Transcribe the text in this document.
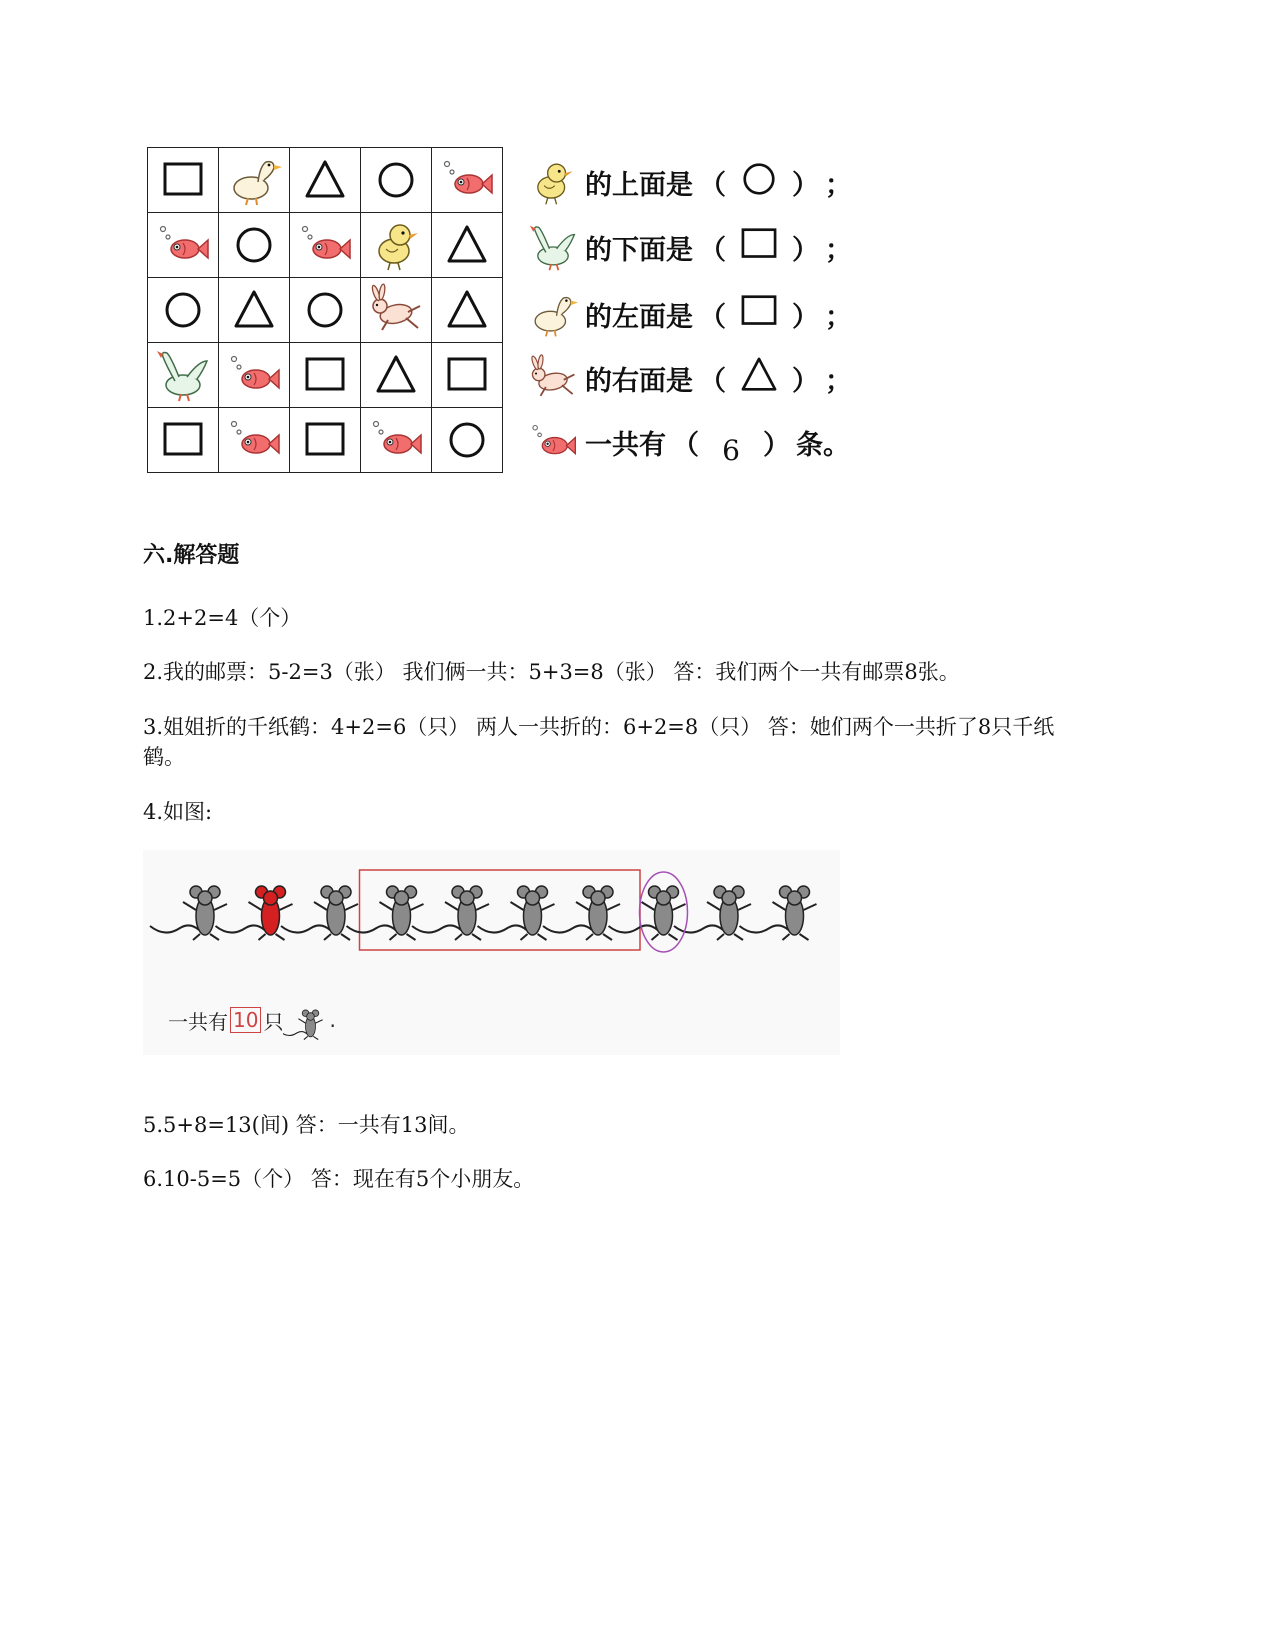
的上面是 （ ） ；
的下面是 （ ） ；
的左面是 （ ） ；
的右面是 （ ） ；
一共有 （ 6 ） 条。
六.解答题
1.2+2=4（个）
2.我的邮票：5-2=3（张） 我们俩一共：5+3=8（张） 答：我们两个一共有邮票8张。
3.姐姐折的千纸鹤：4+2=6（只） 两人一共折的：6+2=8（只） 答：她们两个一共折了8只千纸鹤。
4.如图:
一共有 10 只 .
5.5+8=13(间) 答：一共有13间。
6.10-5=5（个） 答：现在有5个小朋友。
